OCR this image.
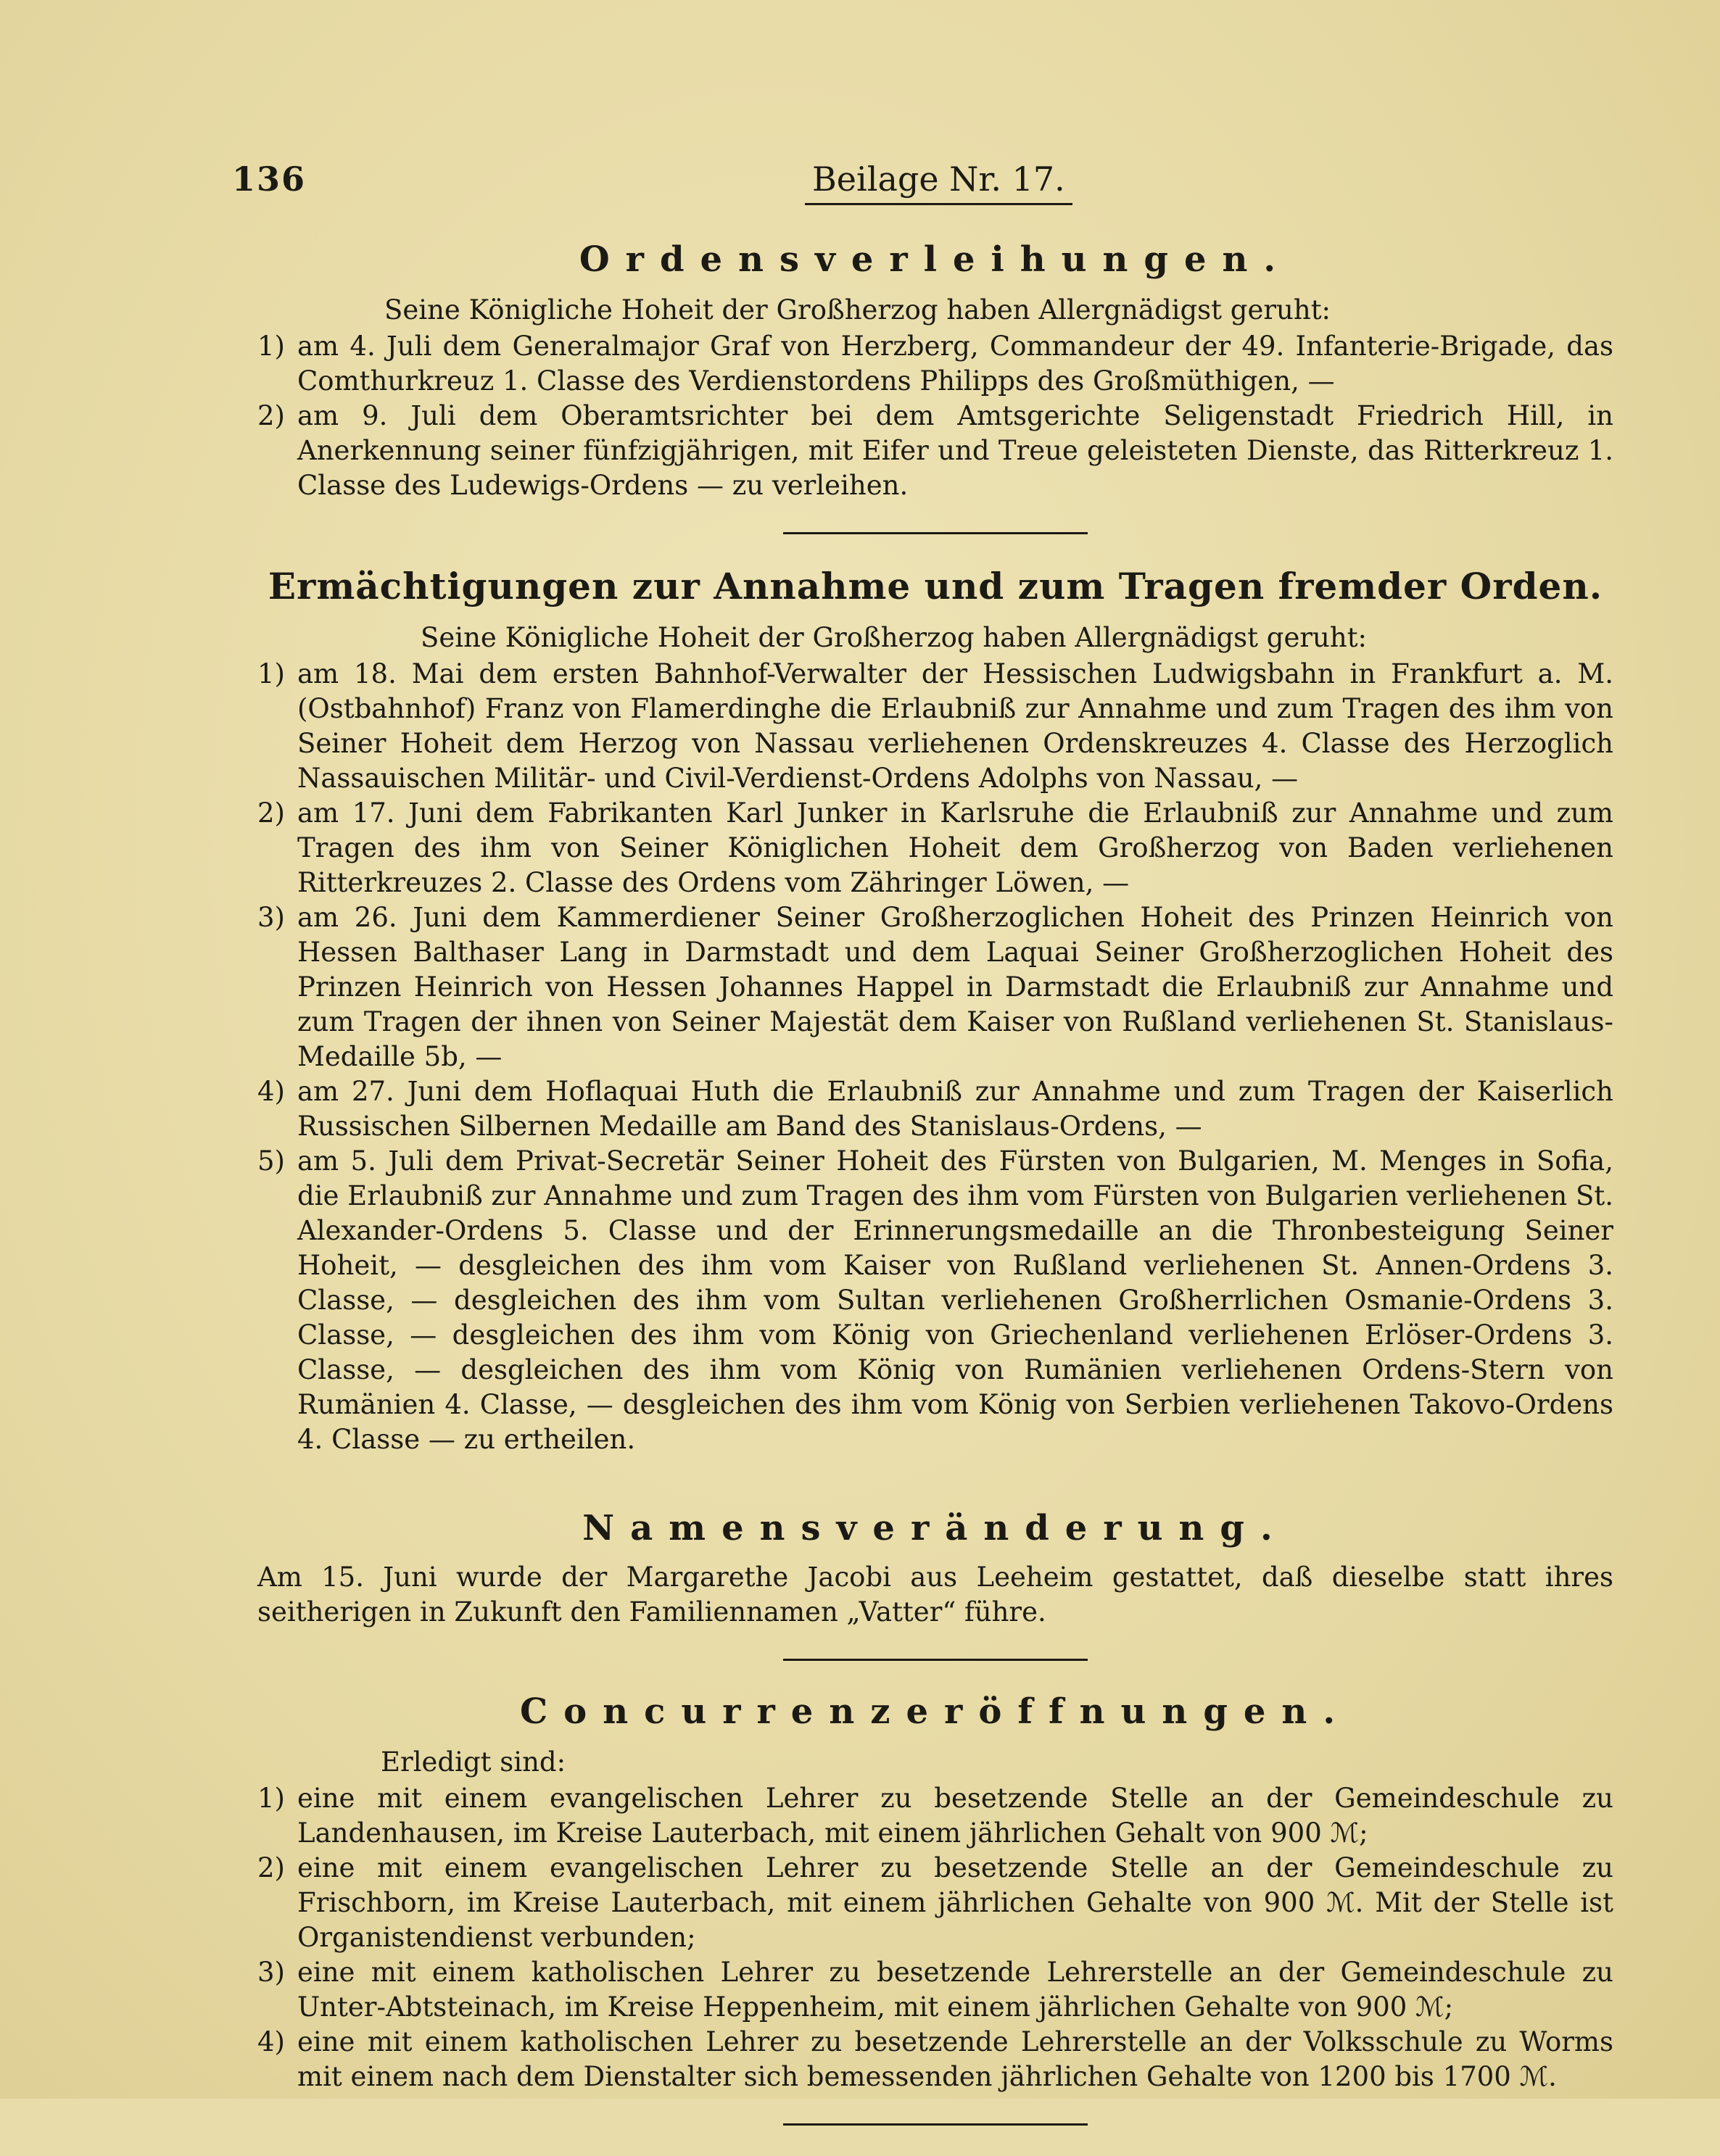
136	Beilage Nr. 17.
Ordensverleihungen.

Seine Königliche Hoheit der Großherzog haben Allergnädigst geruht:

1) am 4. Juli dem Generalmajor Graf von Herzberg, Commandeur der 49. Infanterie-Brigade, das Comthurkreuz 1. Classe des Verdienstordens Philipps des Großmüthigen, —
2) am 9. Juli dem Oberamtsrichter bei dem Amtsgerichte Seligenstadt Friedrich Hill, in Anerkennung seiner fünfzigjährigen, mit Eifer und Treue geleisteten Dienste, das Ritterkreuz 1. Classe des Ludewigs-Ordens — zu verleihen.
Ermächtigungen zur Annahme und zum Tragen fremder Orden.

Seine Königliche Hoheit der Großherzog haben Allergnädigst geruht:

1) am 18. Mai dem ersten Bahnhof-Verwalter der Hessischen Ludwigsbahn in Frankfurt a. M. (Ostbahnhof) Franz von Flamerdinghe die Erlaubniß zur Annahme und zum Tragen des ihm von Seiner Hoheit dem Herzog von Nassau verliehenen Ordenskreuzes 4. Classe des Herzoglich Nassauischen Militär- und Civil-Verdienst-Ordens Adolphs von Nassau, —
2) am 17. Juni dem Fabrikanten Karl Junker in Karlsruhe die Erlaubniß zur Annahme und zum Tragen des ihm von Seiner Königlichen Hoheit dem Großherzog von Baden verliehenen Ritterkreuzes 2. Classe des Ordens vom Zähringer Löwen, —
3) am 26. Juni dem Kammerdiener Seiner Großherzoglichen Hoheit des Prinzen Heinrich von Hessen Balthaser Lang in Darmstadt und dem Laquai Seiner Großherzoglichen Hoheit des Prinzen Heinrich von Hessen Johannes Happel in Darmstadt die Erlaubniß zur Annahme und zum Tragen der ihnen von Seiner Majestät dem Kaiser von Rußland verliehenen St. Stanislaus-Medaille 5b, —
4) am 27. Juni dem Hoflaquai Huth die Erlaubniß zur Annahme und zum Tragen der Kaiserlich Russischen Silbernen Medaille am Band des Stanislaus-Ordens, —
5) am 5. Juli dem Privat-Secretär Seiner Hoheit des Fürsten von Bulgarien, M. Menges in Sofia, die Erlaubniß zur Annahme und zum Tragen des ihm vom Fürsten von Bulgarien verliehenen St. Alexander-Ordens 5. Classe und der Erinnerungsmedaille an die Thronbesteigung Seiner Hoheit, — desgleichen des ihm vom Kaiser von Rußland verliehenen St. Annen-Ordens 3. Classe, — desgleichen des ihm vom Sultan verliehenen Großherrlichen Osmanie-Ordens 3. Classe, — desgleichen des ihm vom König von Griechenland verliehenen Erlöser-Ordens 3. Classe, — desgleichen des ihm vom König von Rumänien verliehenen Ordens-Stern von Rumänien 4. Classe, — desgleichen des ihm vom König von Serbien verliehenen Takovo-Ordens 4. Classe — zu ertheilen.
Namensveränderung.

Am 15. Juni wurde der Margarethe Jacobi aus Leeheim gestattet, daß dieselbe statt ihres seitherigen in Zukunft den Familiennamen „Vatter“ führe.

Concurrenzeröffnungen.

Erledigt sind:

1) eine mit einem evangelischen Lehrer zu besetzende Stelle an der Gemeindeschule zu Landenhausen, im Kreise Lauterbach, mit einem jährlichen Gehalt von 900 ℳ;
2) eine mit einem evangelischen Lehrer zu besetzende Stelle an der Gemeindeschule zu Frischborn, im Kreise Lauterbach, mit einem jährlichen Gehalte von 900 ℳ. Mit der Stelle ist Organistendienst verbunden;
3) eine mit einem katholischen Lehrer zu besetzende Lehrerstelle an der Gemeindeschule zu Unter-Abtsteinach, im Kreise Heppenheim, mit einem jährlichen Gehalte von 900 ℳ;
4) eine mit einem katholischen Lehrer zu besetzende Lehrerstelle an der Volksschule zu Worms mit einem nach dem Dienstalter sich bemessenden jährlichen Gehalte von 1200 bis 1700 ℳ.
